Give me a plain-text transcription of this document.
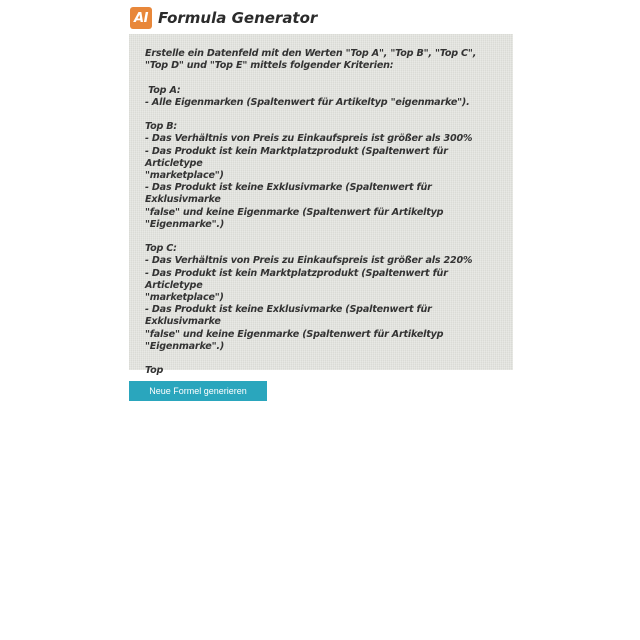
AI Formula Generator

Erstelle ein Datenfeld mit den Werten "Top A", "Top B", "Top C",
"Top D" und "Top E" mittels folgender Kriterien:

Top A:
- Alle Eigenmarken (Spaltenwert für Artikeltyp "eigenmarke").

Top B:
- Das Verhältnis von Preis zu Einkaufspreis ist größer als 300%
- Das Produkt ist kein Marktplatzprodukt (Spaltenwert für Articletype
"marketplace")
- Das Produkt ist keine Exklusivmarke (Spaltenwert für Exklusivmarke
"false" und keine Eigenmarke (Spaltenwert für Artikeltyp "Eigenmarke".)

Top C:
- Das Verhältnis von Preis zu Einkaufspreis ist größer als 220%
- Das Produkt ist kein Marktplatzprodukt (Spaltenwert für Articletype
"marketplace")
- Das Produkt ist keine Exklusivmarke (Spaltenwert für Exklusivmarke
"false" und keine Eigenmarke (Spaltenwert für Artikeltyp "Eigenmarke".)

Top

Neue Formel generieren
